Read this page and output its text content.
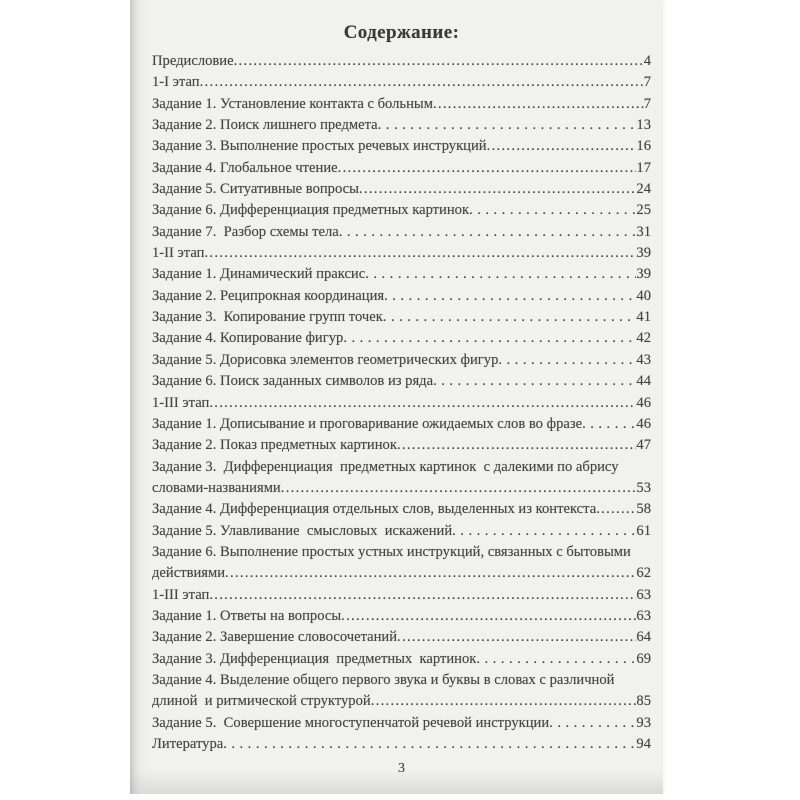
Содержание:
Предисловие .....	4
1-I этап .....	7
Задание 1. Установление контакта с больным .....	7
Задание 2. Поиск лишнего предмета .....	13
Задание 3. Выполнение простых речевых инструкций .....	16
Задание 4. Глобальное чтение .....	17
Задание 5. Ситуативные вопросы .....	24
Задание 6. Дифференциация предметных картинок .....	25
Задание 7.  Разбор схемы тела .....	31
1-II этап .....	39
Задание 1. Динамический праксис .....	39
Задание 2. Реципрокная координация .....	40
Задание 3.  Копирование групп точек .....	41
Задание 4. Копирование фигур .....	42
Задание 5. Дорисовка элементов геометрических фигур .....	43
Задание 6. Поиск заданных символов из ряда .....	44
1-III этап .....	46
Задание 1. Дописывание и проговаривание ожидаемых слов во фразе .....	46
Задание 2. Показ предметных картинок .....	47
Задание 3.  Дифференциация  предметных картинок  с далекими по абрису
словами-названиями .....	53
Задание 4. Дифференциация отдельных слов, выделенных из контекста .....	58
Задание 5. Улавливание  смысловых  искажений .....	61
Задание 6. Выполнение простых устных инструкций, связанных с бытовыми
действиями .....	62
1-III этап .....	63
Задание 1. Ответы на вопросы .....	63
Задание 2. Завершение словосочетаний .....	64
Задание 3. Дифференциация  предметных  картинок .....	69
Задание 4. Выделение общего первого звука и буквы в словах с различной
длиной  и ритмической структурой .....	85
Задание 5.  Совершение многоступенчатой речевой инструкции .....	93
Литература .....	94
3
